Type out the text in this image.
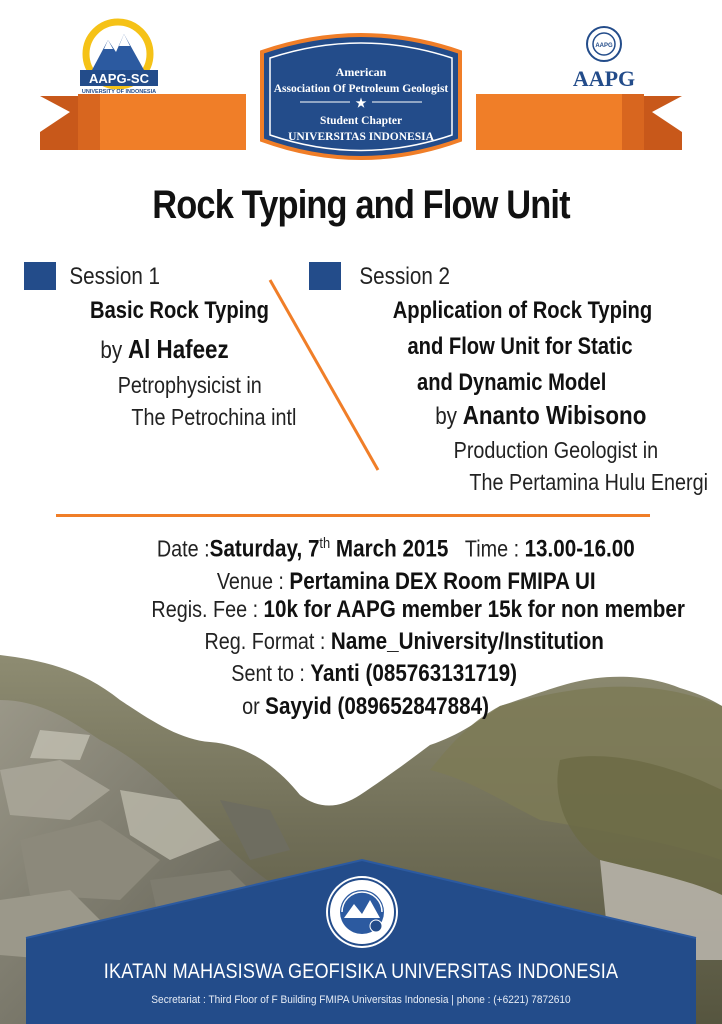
American
Association Of Petroleum Geologist
★
Student Chapter
UNIVERSITAS INDONESIA
AAPG-SC
UNIVERSITY OF INDONESIA
AAPG
AAPG
Rock Typing and Flow Unit
Session 1
Basic Rock Typing
by Al Hafeez
Petrophysicist in
The Petrochina intl
Session 2
Application of Rock Typing
and Flow Unit for Static
and Dynamic Model
by Ananto Wibisono
Production Geologist in
The Pertamina Hulu Energi
Date :Saturday, 7th March 2015 Time : 13.00-16.00
Venue : Pertamina DEX Room FMIPA UI
Regis. Fee : 10k for AAPG member 15k for non member
Reg. Format : Name_University/Institution
Sent to : Yanti (085763131719)
or Sayyid (089652847884)
IKATAN MAHASISWA GEOFISIKA UNIVERSITAS INDONESIA
Secretariat : Third Floor of F Building FMIPA Universitas Indonesia | phone : (+6221) 7872610
